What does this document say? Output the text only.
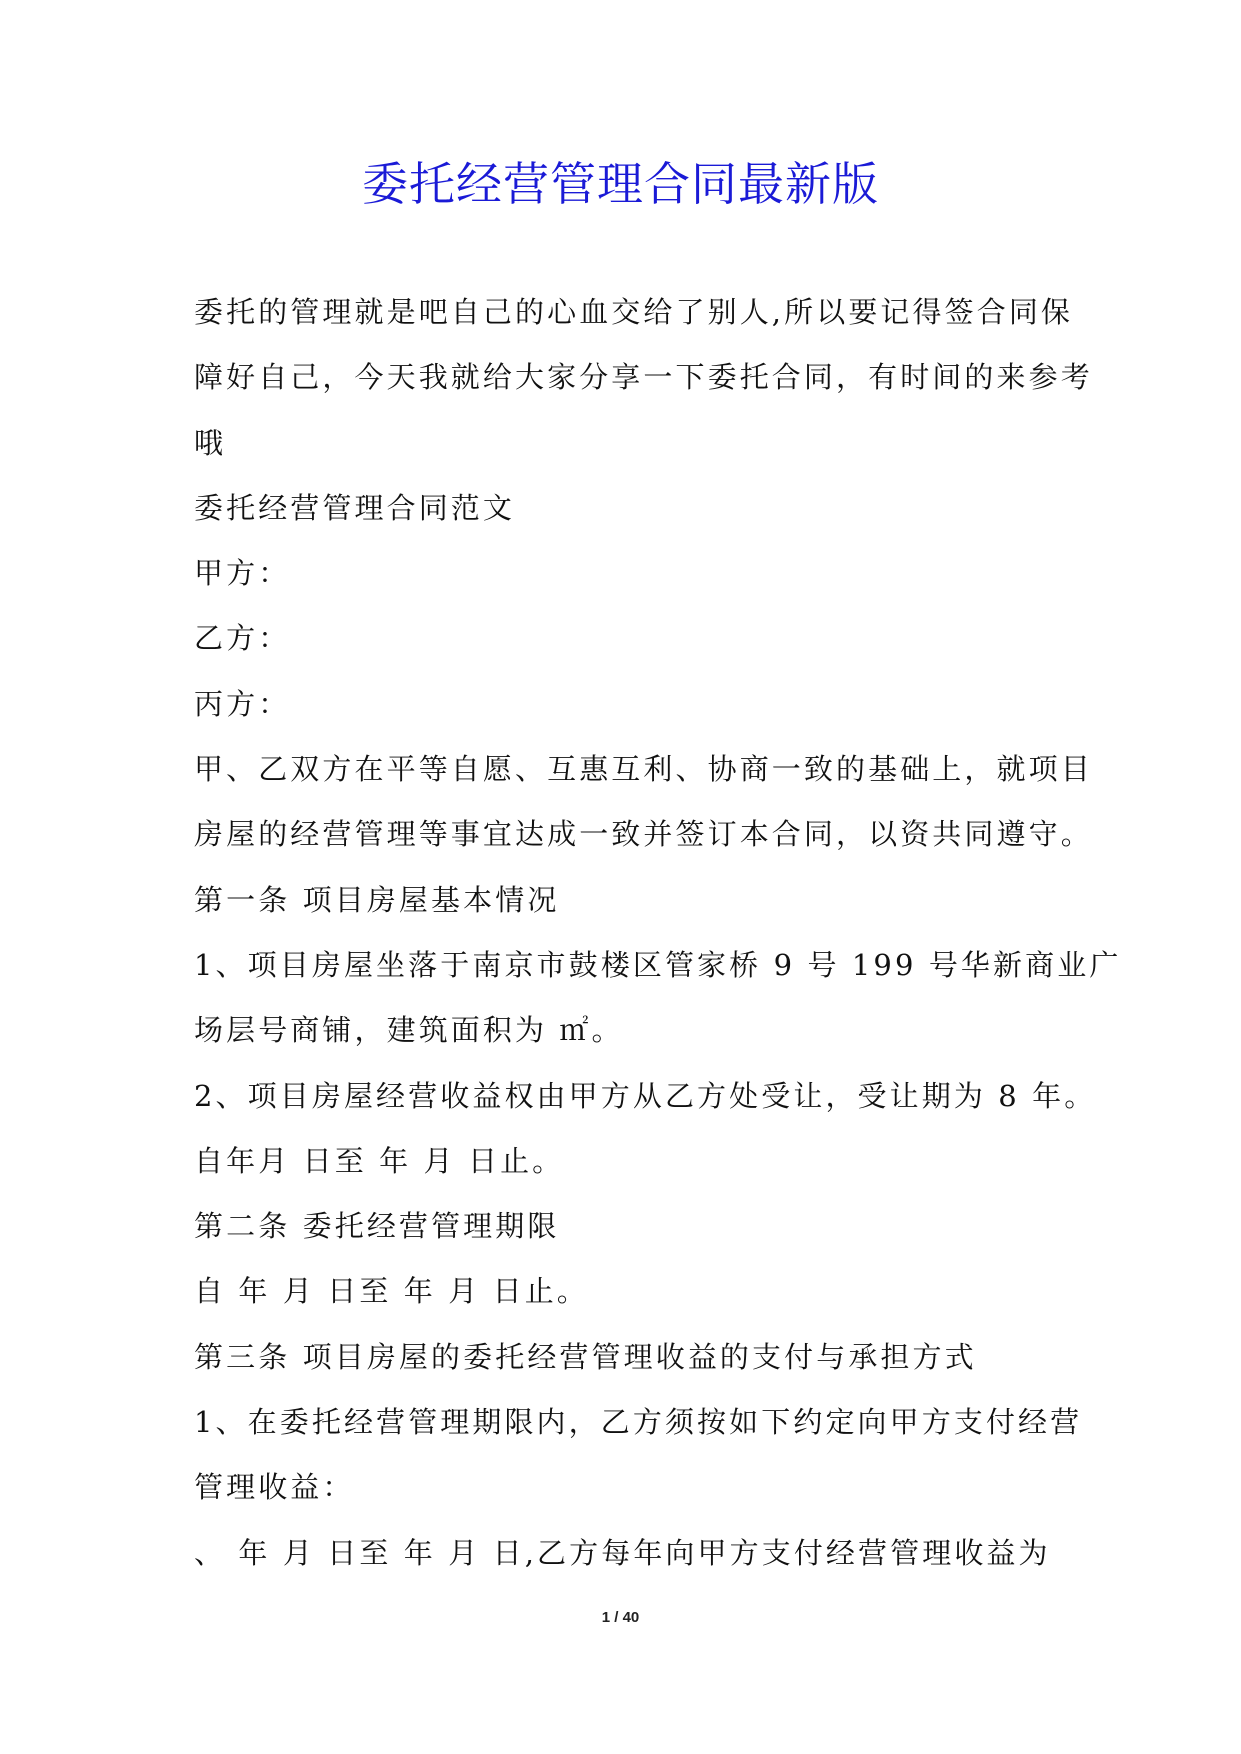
委托经营管理合同最新版
委托的管理就是吧自己的心血交给了别人,所以要记得签合同保
障好自己，今天我就给大家分享一下委托合同，有时间的来参考
哦
委托经营管理合同范文
甲方：
乙方：
丙方：
甲、乙双方在平等自愿、互惠互利、协商一致的基础上，就项目
房屋的经营管理等事宜达成一致并签订本合同，以资共同遵守。
第一条 项目房屋基本情况
1、项目房屋坐落于南京市鼓楼区管家桥 9 号 199 号华新商业广
场层号商铺，建筑面积为 ㎡。
2、项目房屋经营收益权由甲方从乙方处受让，受让期为 8 年。
自年月 日至 年 月 日止。
第二条 委托经营管理期限
自 年 月 日至 年 月 日止。
第三条 项目房屋的委托经营管理收益的支付与承担方式
1、在委托经营管理期限内，乙方须按如下约定向甲方支付经营
管理收益：
、 年 月 日至 年 月 日,乙方每年向甲方支付经营管理收益为
1 / 40
